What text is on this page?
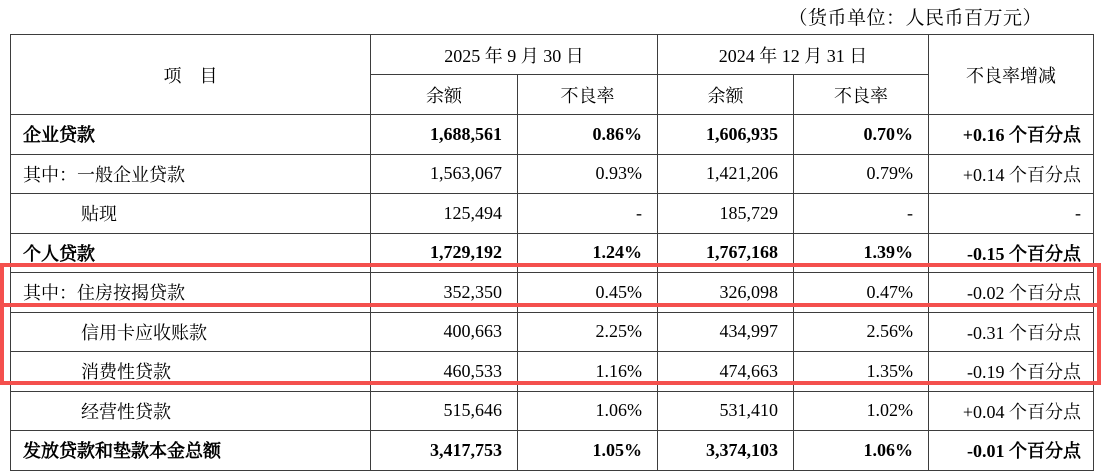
（货币单位：人民币百万元）
项　目	2025 年 9 月 30 日		2024 年 12 月 31 日		不良率增减
	余额	不良率	余额	不良率	
企业贷款	1,688,561	0.86%	1,606,935	0.70%	+0.16 个百分点
其中：一般企业贷款	1,563,067	0.93%	1,421,206	0.79%	+0.14 个百分点
贴现	125,494	-	185,729	-	-
个人贷款	1,729,192	1.24%	1,767,168	1.39%	-0.15 个百分点
其中：住房按揭贷款	352,350	0.45%	326,098	0.47%	-0.02 个百分点
信用卡应收账款	400,663	2.25%	434,997	2.56%	-0.31 个百分点
消费性贷款	460,533	1.16%	474,663	1.35%	-0.19 个百分点
经营性贷款	515,646	1.06%	531,410	1.02%	+0.04 个百分点
发放贷款和垫款本金总额	3,417,753	1.05%	3,374,103	1.06%	-0.01 个百分点
